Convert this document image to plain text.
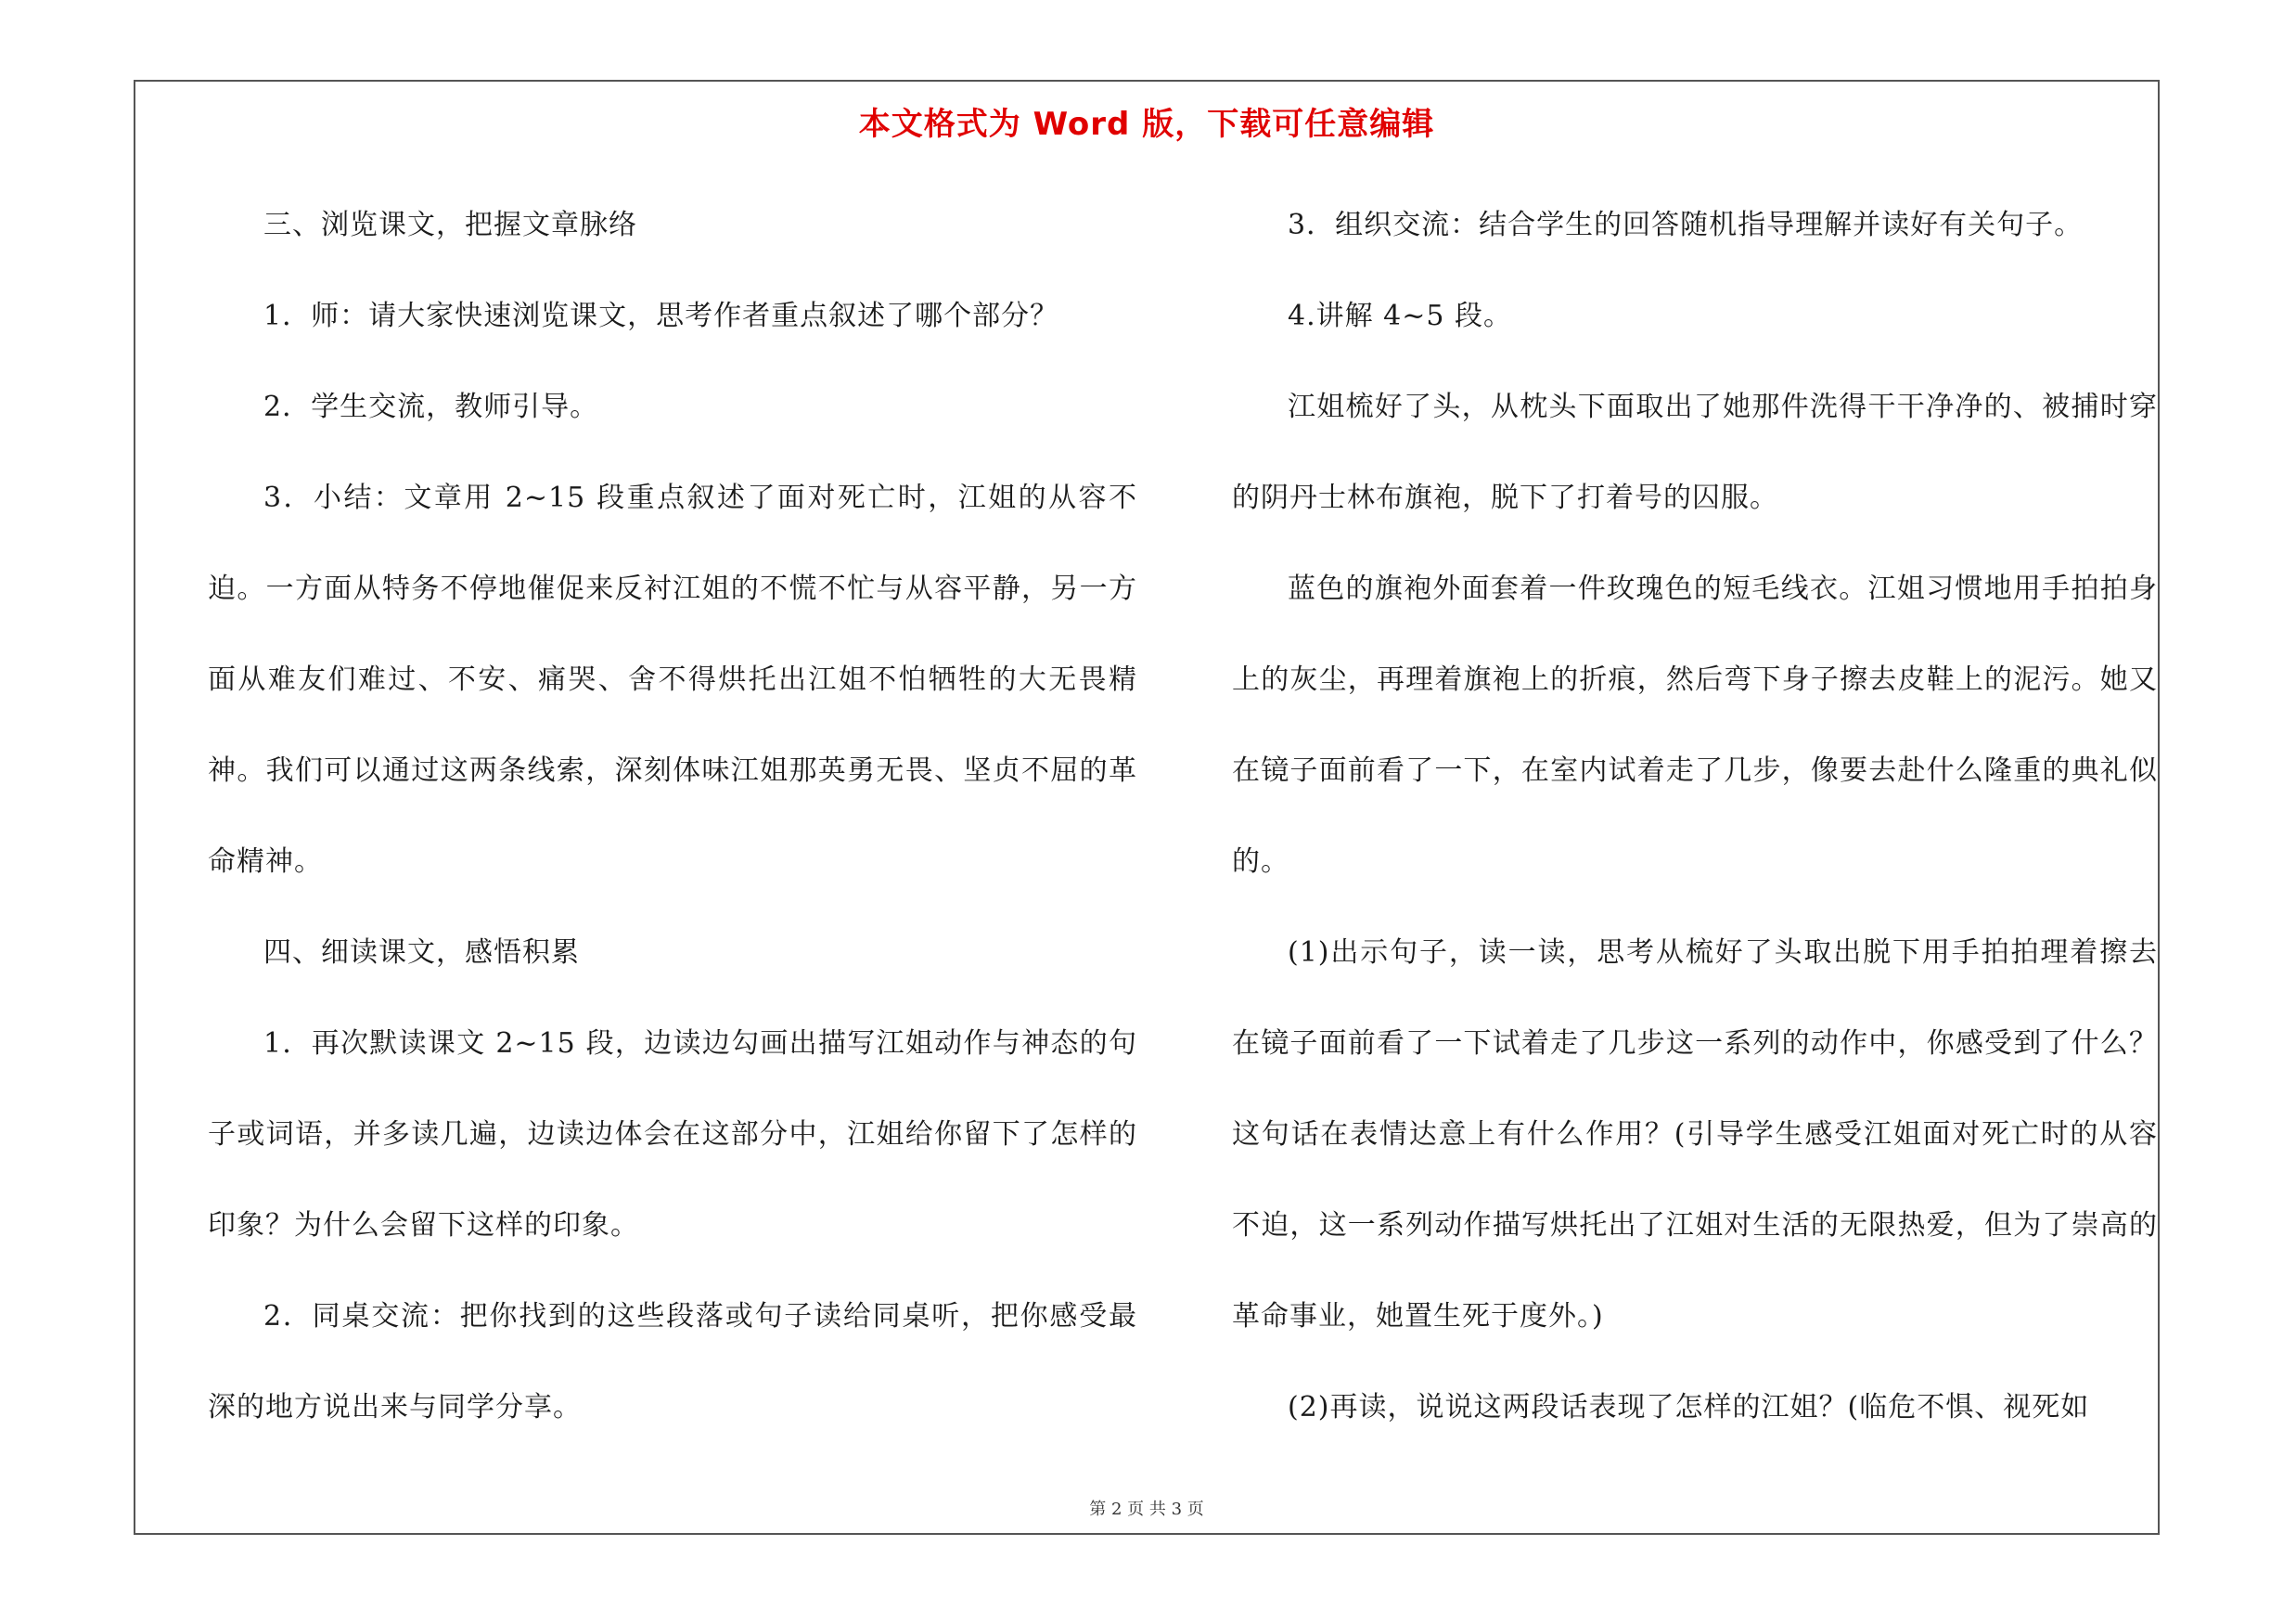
本文格式为 Word 版，下载可任意编辑

三、浏览课文，把握文章脉络

1．师：请大家快速浏览课文，思考作者重点叙述了哪个部分？

2．学生交流，教师引导。

3．小结：文章用 2~15 段重点叙述了面对死亡时，江姐的从容不迫。一方面从特务不停地催促来反衬江姐的不慌不忙与从容平静，另一方面从难友们难过、不安、痛哭、舍不得烘托出江姐不怕牺牲的大无畏精神。我们可以通过这两条线索，深刻体味江姐那英勇无畏、坚贞不屈的革命精神。

四、细读课文，感悟积累

1．再次默读课文 2~15 段，边读边勾画出描写江姐动作与神态的句子或词语，并多读几遍，边读边体会在这部分中，江姐给你留下了怎样的印象？为什么会留下这样的印象。

2．同桌交流：把你找到的这些段落或句子读给同桌听，把你感受最深的地方说出来与同学分享。

3．组织交流：结合学生的回答随机指导理解并读好有关句子。

4.讲解 4~5 段。

江姐梳好了头，从枕头下面取出了她那件洗得干干净净的、被捕时穿的阴丹士林布旗袍，脱下了打着号的囚服。

蓝色的旗袍外面套着一件玫瑰色的短毛线衣。江姐习惯地用手拍拍身上的灰尘，再理着旗袍上的折痕，然后弯下身子擦去皮鞋上的泥污。她又在镜子面前看了一下，在室内试着走了几步，像要去赴什么隆重的典礼似的。

(1)出示句子，读一读，思考从梳好了头取出脱下用手拍拍理着擦去在镜子面前看了一下试着走了几步这一系列的动作中，你感受到了什么？这句话在表情达意上有什么作用？(引导学生感受江姐面对死亡时的从容不迫，这一系列动作描写烘托出了江姐对生活的无限热爱，但为了崇高的革命事业，她置生死于度外。)

(2)再读，说说这两段话表现了怎样的江姐？(临危不惧、视死如

第 2 页 共 3 页
